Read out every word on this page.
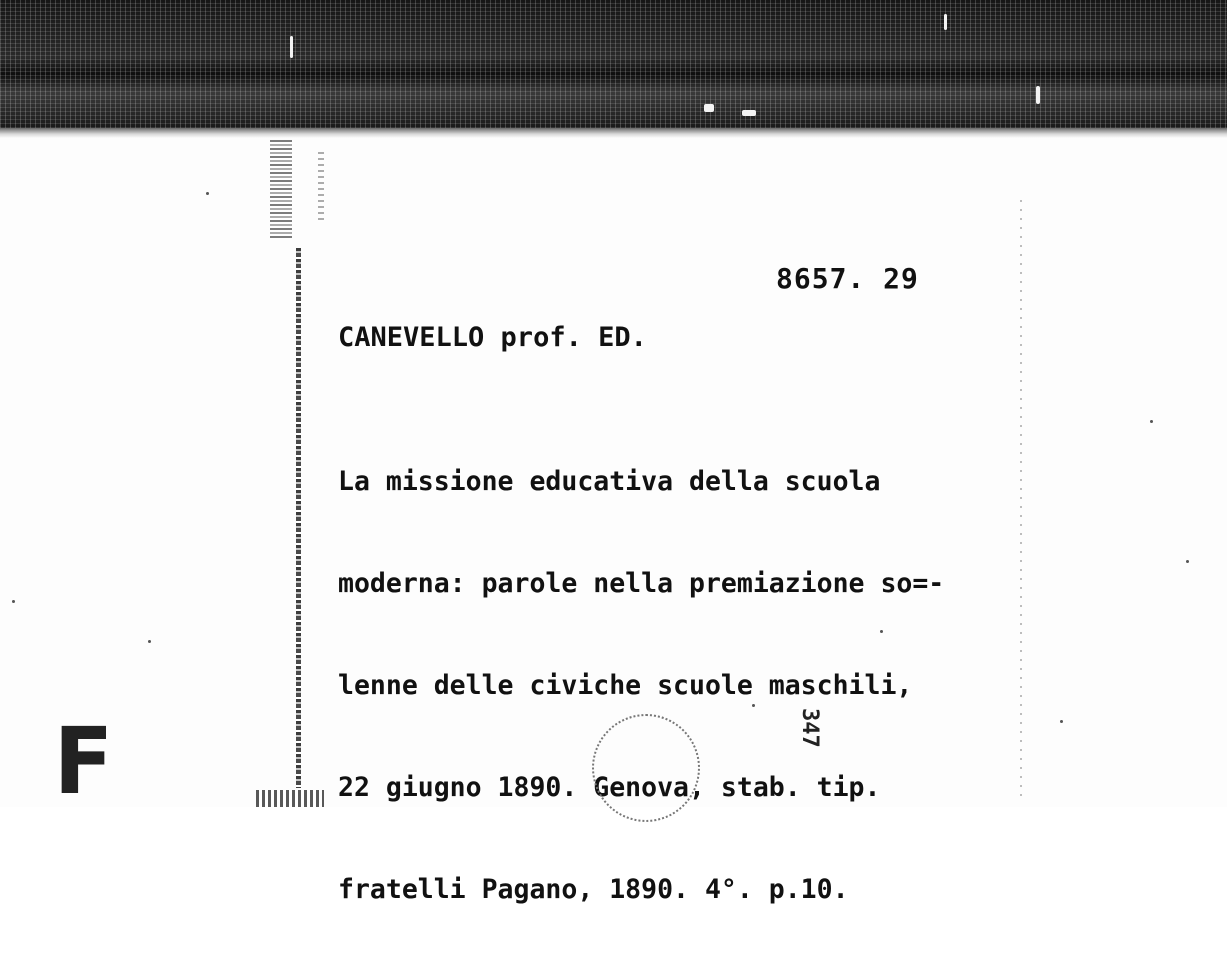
8657. 29
CANEVELLO prof. ED.

La missione educativa della scuola

moderna: parole nella premiazione so=-

lenne delle civiche scuole maschili,

22 giugno 1890. Genova, stab. tip.

fratelli Pagano, 1890. 4°. p.10.

F	347
